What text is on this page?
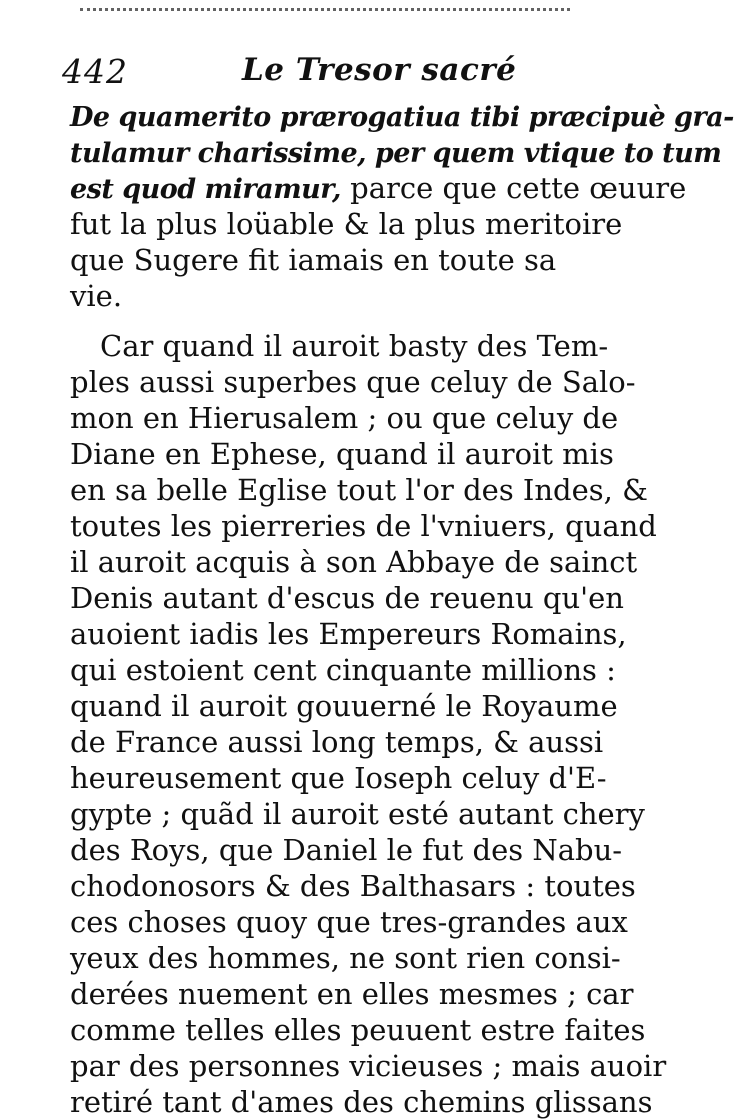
442	Le Tresor sacré
De quamerito prærogatiua tibi præcipuè gra-
tulamur charissime, per quem vtique to tum
est quod miramur, parce que cette œuure
fut la plus loüable & la plus meritoire
que Sugere fit iamais en toute sa
vie.
Car quand il auroit basty des Tem-
ples aussi superbes que celuy de Salo-
mon en Hierusalem ; ou que celuy de
Diane en Ephese, quand il auroit mis
en sa belle Eglise tout l'or des Indes, &
toutes les pierreries de l'vniuers, quand
il auroit acquis à son Abbaye de sainct
Denis autant d'escus de reuenu qu'en
auoient iadis les Empereurs Romains,
qui estoient cent cinquante millions :
quand il auroit gouuerné le Royaume
de France aussi long temps, & aussi
heureusement que Ioseph celuy d'E-
gypte ; quãd il auroit esté autant chery
des Roys, que Daniel le fut des Nabu-
chodonosors & des Balthasars : toutes
ces choses quoy que tres-grandes aux
yeux des hommes, ne sont rien consi-
derées nuement en elles mesmes ; car
comme telles elles peuuent estre faites
par des personnes vicieuses ; mais auoir
retiré tant d'ames des chemins glissans
